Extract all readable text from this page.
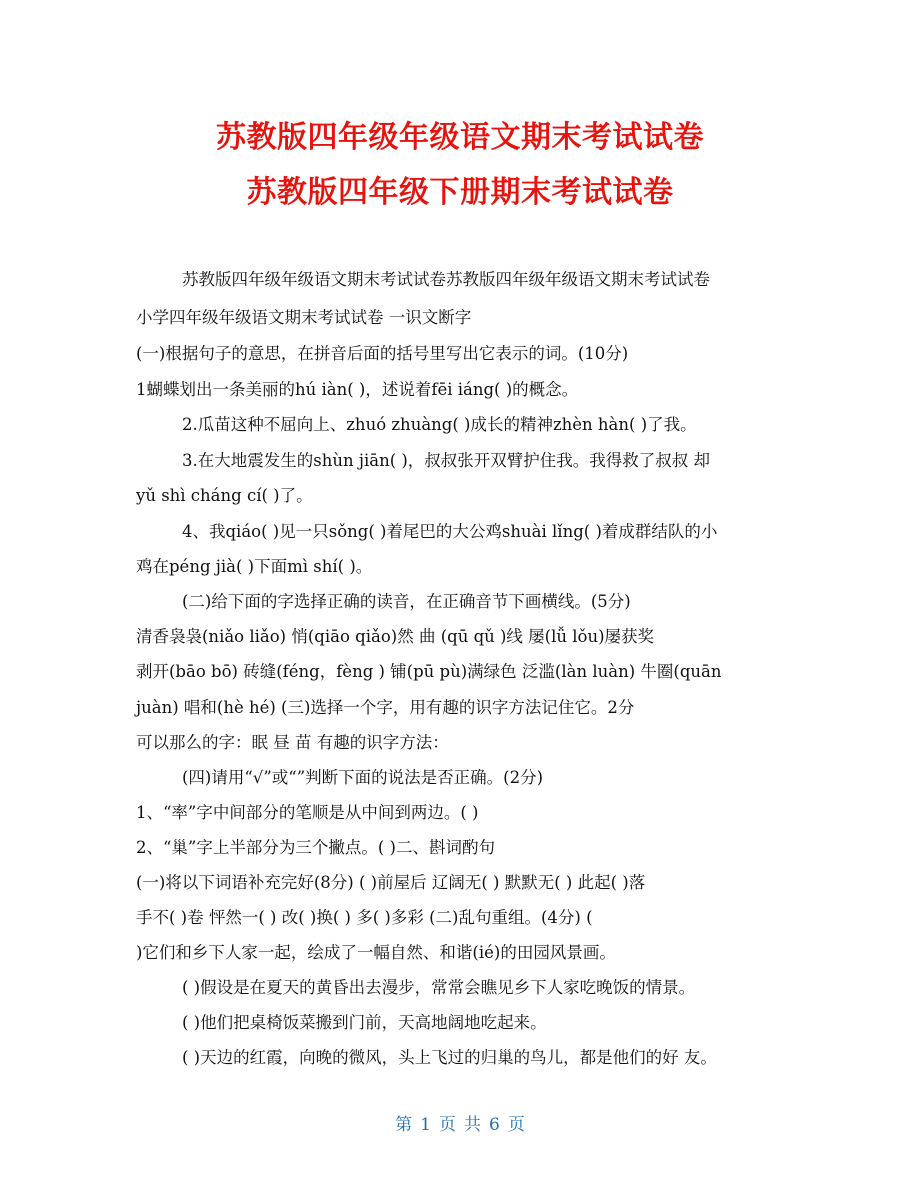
苏教版四年级年级语文期末考试试卷
苏教版四年级下册期末考试试卷
苏教版四年级年级语文期末考试试卷苏教版四年级年级语文期末考试试卷
小学四年级年级语文期末考试试卷 一识文断字
(一)根据句子的意思，在拼音后面的括号里写出它表示的词。(10分)
1蝴蝶划出一条美丽的hú iàn( )，述说着fēi iáng( )的概念。
2.瓜苗这种不屈向上、zhuó zhuàng( )成长的精神zhèn hàn( )了我。
3.在大地震发生的shùn jiān( )，叔叔张开双臂护住我。我得救了叔叔 却
yǔ shì cháng cí( )了。
4、我qiáo( )见一只sǒng( )着尾巴的大公鸡shuài lǐng( )着成群结队的小
鸡在péng jià( )下面mì shí( )。
(二)给下面的字选择正确的读音，在正确音节下画横线。(5分)
清香袅袅(niǎo liǎo) 悄(qiāo qiǎo)然 曲 (qū qǔ )线 屡(lǚ lǒu)屡获奖
剥开(bāo bō) 砖缝(féng，fèng ) 铺(pū pù)满绿色 泛滥(làn luàn) 牛圈(quān
juàn) 唱和(hè hé) (三)选择一个字，用有趣的识字方法记住它。2分
可以那么的字：眠 昼 苗 有趣的识字方法：
(四)请用“√”或“”判断下面的说法是否正确。(2分)
1、“率”字中间部分的笔顺是从中间到两边。( )
2、“巢”字上半部分为三个撇点。( )二、斟词酌句
(一)将以下词语补充完好(8分) ( )前屋后 辽阔无( ) 默默无( ) 此起( )落
手不( )卷 怦然一( ) 改( )换( ) 多( )多彩 (二)乱句重组。(4分) (
)它们和乡下人家一起，绘成了一幅自然、和谐(ié)的田园风景画。
( )假设是在夏天的黄昏出去漫步，常常会瞧见乡下人家吃晚饭的情景。
( )他们把桌椅饭菜搬到门前，天高地阔地吃起来。
( )天边的红霞，向晚的微风，头上飞过的归巢的鸟儿，都是他们的好 友。
第 1 页 共 6 页
